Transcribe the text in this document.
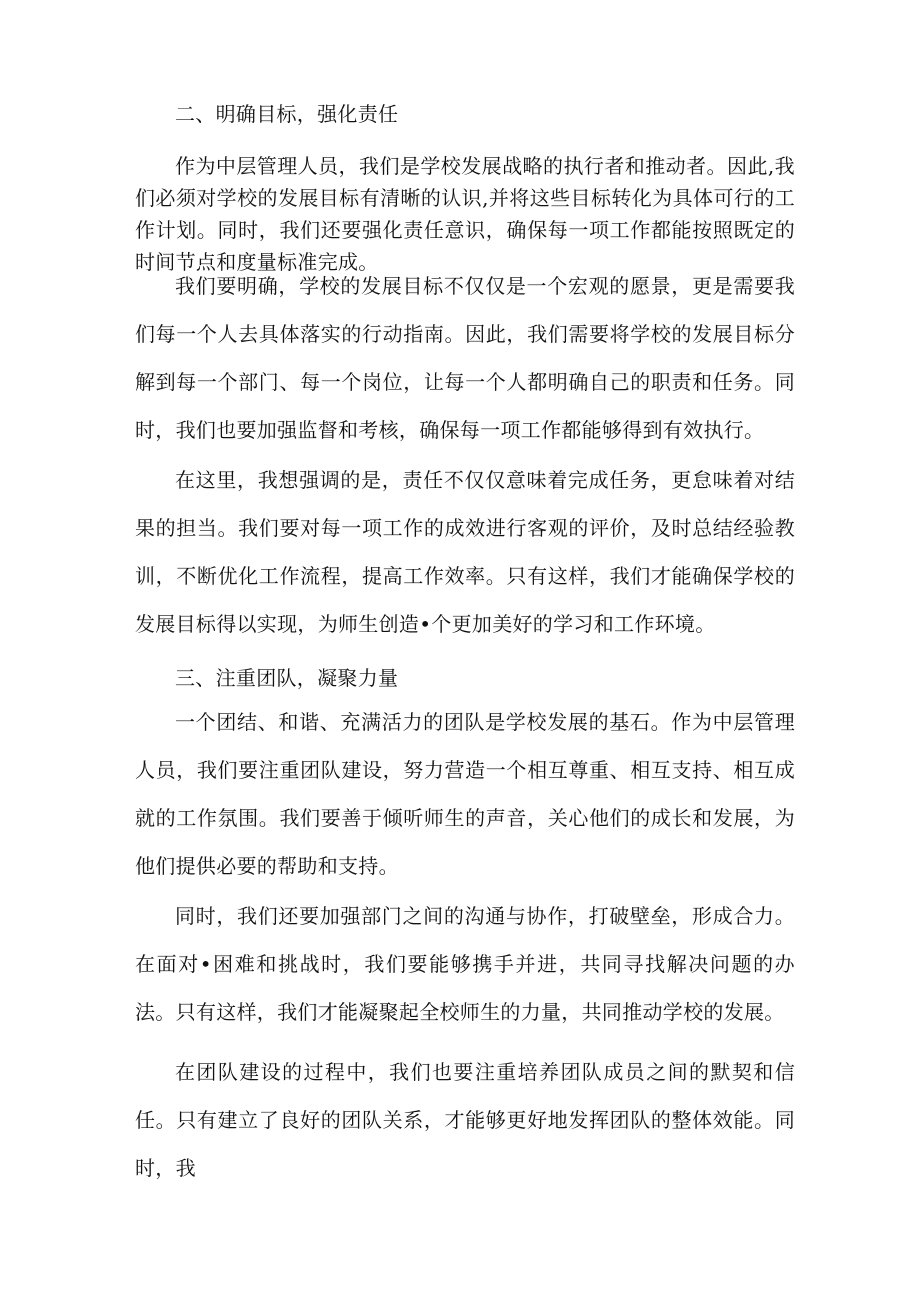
二、明确目标，强化责任

作为中层管理人员，我们是学校发展战略的执行者和推动者。因此,我们必须对学校的发展目标有清晰的认识,并将这些目标转化为具体可行的工作计划。同时，我们还要强化责任意识，确保每一项工作都能按照既定的时间节点和度量标准完成。

我们要明确，学校的发展目标不仅仅是一个宏观的愿景，更是需要我们每一个人去具体落实的行动指南。因此，我们需要将学校的发展目标分解到每一个部门、每一个岗位，让每一个人都明确自己的职责和任务。同时，我们也要加强监督和考核，确保每一项工作都能够得到有效执行。

在这里，我想强调的是，责任不仅仅意味着完成任务，更怠味着对结果的担当。我们要对每一项工作的成效进行客观的评价，及时总结经验教训，不断优化工作流程，提高工作效率。只有这样，我们才能确保学校的发展目标得以实现，为师生创造•个更加美好的学习和工作环境。

三、注重团队，凝聚力量

一个团结、和谐、充满活力的团队是学校发展的基石。作为中层管理人员，我们要注重团队建设，努力营造一个相互尊重、相互支持、相互成就的工作氛围。我们要善于倾听师生的声音，关心他们的成长和发展，为他们提供必要的帮助和支持。

同时，我们还要加强部门之间的沟通与协作，打破壁垒，形成合力。在面对•困难和挑战时，我们要能够携手并进，共同寻找解决问题的办法。只有这样，我们才能凝聚起全校师生的力量，共同推动学校的发展。

在团队建设的过程中，我们也要注重培养团队成员之间的默契和信任。只有建立了良好的团队关系，才能够更好地发挥团队的整体效能。同时，我
